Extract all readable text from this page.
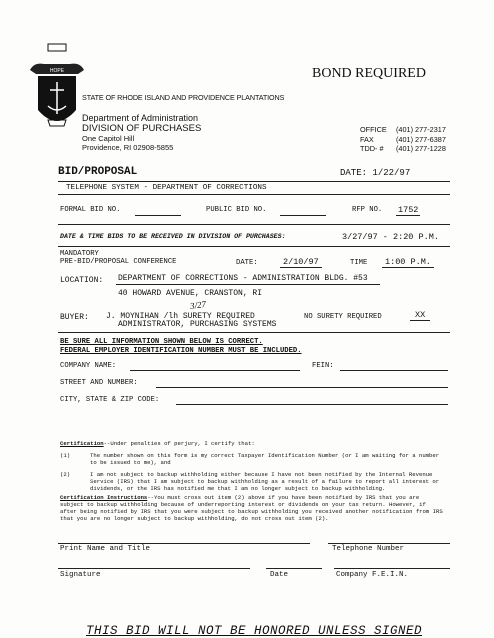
BOND REQUIRED
HOPE
STATE OF RHODE ISLAND AND PROVIDENCE PLANTATIONS
Department of Administration
DIVISION OF PURCHASES
One Capitol Hill
Providence, RI 02908-5855
OFFICE (401) 277-2317
FAX	(401) 277-6387
TDD- # (401) 277-1228
BID/PROPOSAL	DATE: 1/22/97
TELEPHONE SYSTEM - DEPARTMENT OF CORRECTIONS
FORMAL BID NO.	PUBLIC BID NO.	RFP NO. 1752
DATE & TIME BIDS TO BE RECEIVED IN DIVISION OF PURCHASES:	3/27/97 - 2:20 P.M.
MANDATORY
PRE-BID/PROPOSAL CONFERENCE	DATE:	2/10/97	TIME	1:00 P.M.
LOCATION: DEPARTMENT OF CORRECTIONS - ADMINISTRATION BLDG. #53
40 HOWARD AVENUE, CRANSTON, RI
3/27
BUYER: J. MOYNIHAN /lh SURETY REQUIRED
ADMINISTRATOR, PURCHASING SYSTEMS
NO SURETY REQUIRED	XX
BE SURE ALL INFORMATION SHOWN BELOW IS CORRECT.
FEDERAL EMPLOYER IDENTIFICATION NUMBER MUST BE INCLUDED.
COMPANY NAME:	FEIN:
STREET AND NUMBER:
CITY, STATE & ZIP CODE:
Certification--Under penalties of perjury, I certify that:
(1)	The number shown on this form is my correct Taxpayer Identification Number (or I am waiting for a number
to be issued to me), and
(2)	I am not subject to backup withholding either because I have not been notified by the Internal Revenue
Service (IRS) that I am subject to backup withholding as a result of a failure to report all interest or
dividends, or the IRS has notified me that I am no longer subject to backup withholding.
Certification Instructions--You must cross out item (2) above if you have been notified by IRS that you are
subject to backup withholding because of underreporting interest or dividends on your tax return. However, if
after being notified by IRS that you were subject to backup withholding you received another notification from IRS
that you are no longer subject to backup withholding, do not cross out item (2).
Print Name and Title	Telephone Number
Signature	Date	Company F.E.I.N.
THIS BID WILL NOT BE HONORED UNLESS SIGNED
